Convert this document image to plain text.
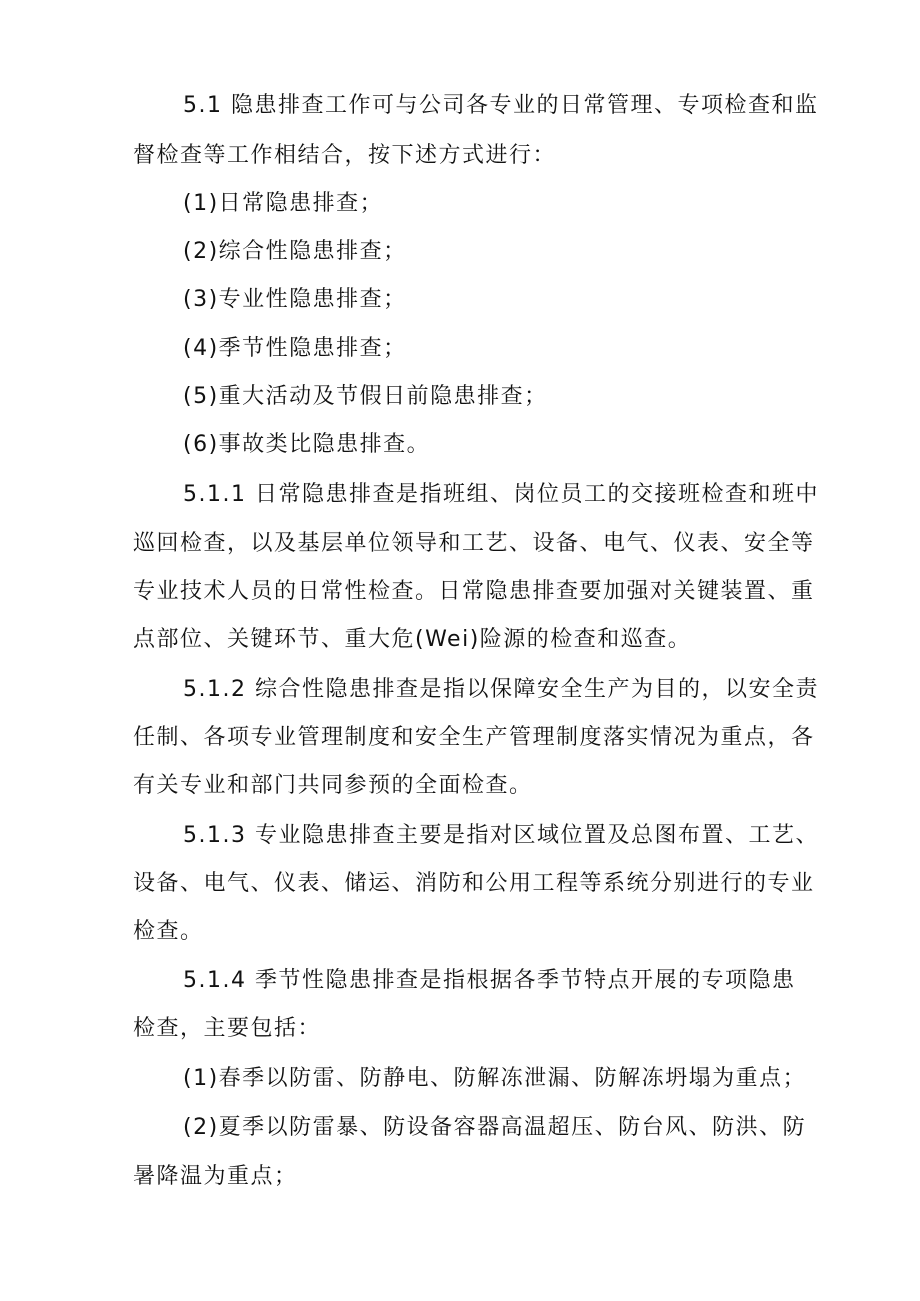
5.1 隐患排查工作可与公司各专业的日常管理、专项检查和监
督检查等工作相结合，按下述方式进行：
(1)日常隐患排查；
(2)综合性隐患排查；
(3)专业性隐患排查；
(4)季节性隐患排查；
(5)重大活动及节假日前隐患排查；
(6)事故类比隐患排查。
5.1.1 日常隐患排查是指班组、岗位员工的交接班检查和班中
巡回检查，以及基层单位领导和工艺、设备、电气、仪表、安全等
专业技术人员的日常性检查。日常隐患排查要加强对关键装置、重
点部位、关键环节、重大危(Wei)险源的检查和巡查。
5.1.2 综合性隐患排查是指以保障安全生产为目的，以安全责
任制、各项专业管理制度和安全生产管理制度落实情况为重点，各
有关专业和部门共同参预的全面检查。
5.1.3 专业隐患排查主要是指对区域位置及总图布置、工艺、
设备、电气、仪表、储运、消防和公用工程等系统分别进行的专业
检查。
5.1.4 季节性隐患排查是指根据各季节特点开展的专项隐患
检查，主要包括：
(1)春季以防雷、防静电、防解冻泄漏、防解冻坍塌为重点；
(2)夏季以防雷暴、防设备容器高温超压、防台风、防洪、防
暑降温为重点；
